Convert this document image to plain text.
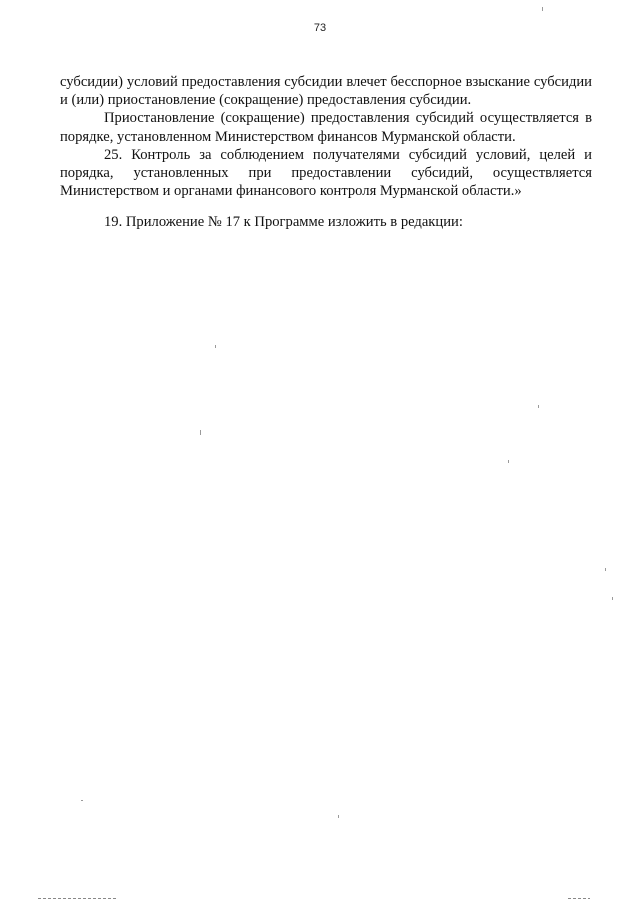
73

субсидии) условий предоставления субсидии влечет бесспорное взыскание субсидии и (или) приостановление (сокращение) предоставления субсидии.

Приостановление (сокращение) предоставления субсидий осуществляется в порядке, установленном Министерством финансов Мурманской области.

25. Контроль за соблюдением получателями субсидий условий, целей и порядка, установленных при предоставлении субсидий, осуществляется Министерством и органами финансового контроля Мурманской области.»

19. Приложение № 17 к Программе изложить в редакции:
